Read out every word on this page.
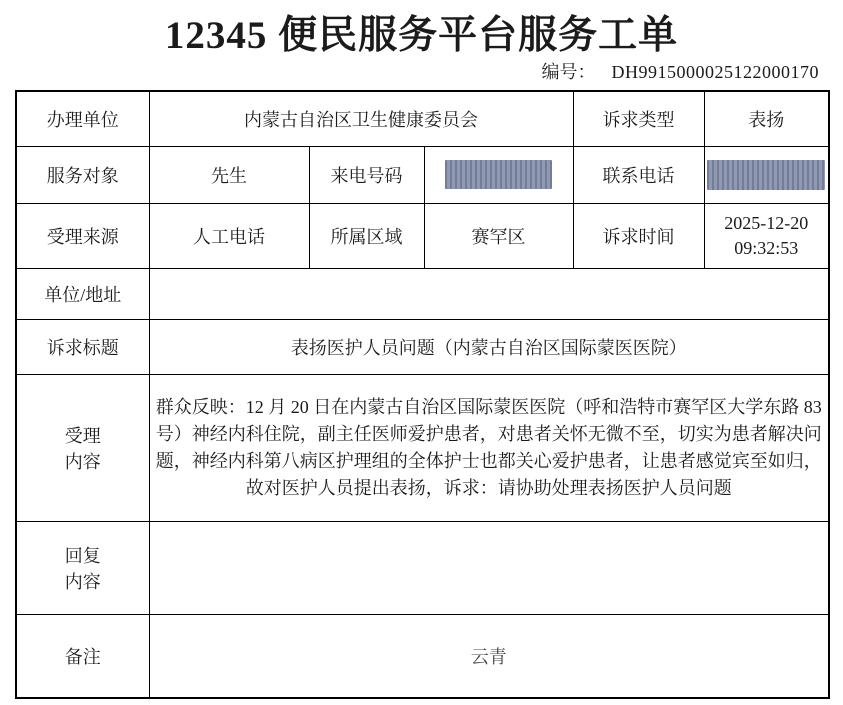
12345 便民服务平台服务工单
编号： DH9915000025122000170
办理单位	内蒙古自治区卫生健康委员会			诉求类型	表扬
服务对象	先生	来电号码		联系电话	
受理来源	人工电话	所属区域	赛罕区	诉求时间	2025-12-20
09:32:53

单位/地址					
诉求标题	表扬医护人员问题（内蒙古自治区国际蒙医医院）				

受理
内容	群众反映：12 月 20 日在内蒙古自治区国际蒙医医院（呼和浩特市赛罕区大学东路 83 号）神经内科住院，副主任医师爱护患者，对患者关怀无微不至，切实为患者解决问题，神经内科第八病区护理组的全体护士也都关心爱护患者，让患者感觉宾至如归，故对医护人员提出表扬，诉求：请协助处理表扬医护人员问题				

回复
内容					

备注	云青				
